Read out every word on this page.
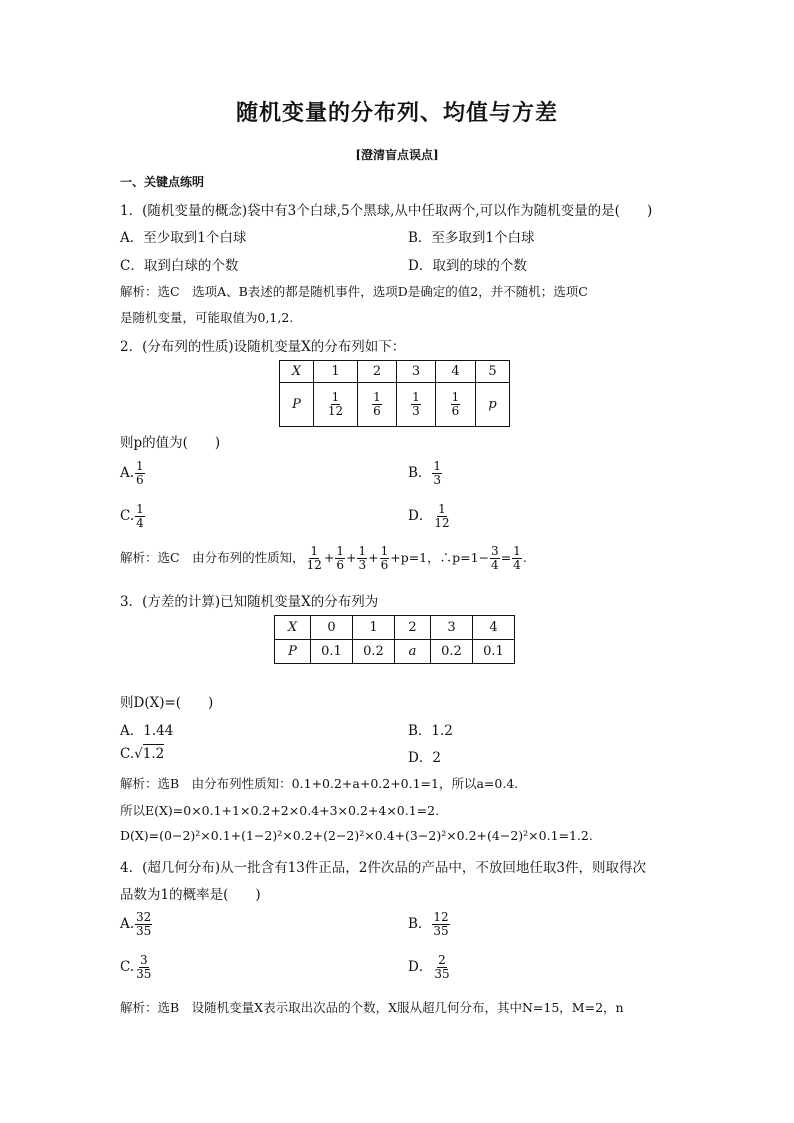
随机变量的分布列、均值与方差
[澄清盲点误点]
一、关键点练明
1．(随机变量的概念)袋中有3个白球,5个黑球,从中任取两个,可以作为随机变量的是(　　)
A．至少取到1个白球	B．至多取到1个白球
C．取到白球的个数	D．取到的球的个数
解析：选C　选项A、B表述的都是随机事件，选项D是确定的值2，并不随机；选项C
是随机变量，可能取值为0,1,2.
2．(分布列的性质)设随机变量X的分布列如下：
X	1	2	3	4	5
P	$\frac{1}{12}$	$\frac{1}{6}$	$\frac{1}{3}$	$\frac{1}{6}$	p
则p的值为(　　)
A. $\frac{1}{6}$	B． $\frac{1}{3}$
C. $\frac{1}{4}$	D． $\frac{1}{12}$
解析：选C　由分布列的性质知， $\frac{1}{12} + \frac{1}{6} + \frac{1}{3} + \frac{1}{6} +p=1$，∴p=1− $\frac{3}{4} = \frac{1}{4}$ .
3．(方差的计算)已知随机变量X的分布列为
X	0	1	2	3	4
P	0.1	0.2	a	0.2	0.1
则D(X)=(　　)
A．1.44	B．1.2
C.√1.2	D．2
解析：选B　由分布列性质知：0.1+0.2+a+0.2+0.1=1，所以a=0.4.
所以E(X)=0×0.1+1×0.2+2×0.4+3×0.2+4×0.1=2.
D(X)=(0−2)²×0.1+(1−2)²×0.2+(2−2)²×0.4+(3−2)²×0.2+(4−2)²×0.1=1.2.
4．(超几何分布)从一批含有13件正品，2件次品的产品中，不放回地任取3件，则取得次
品数为1的概率是(　　)
A. $\frac{32}{35}$	B． $\frac{12}{35}$
C. $\frac{3}{35}$	D． $\frac{2}{35}$
解析：选B　设随机变量X表示取出次品的个数，X服从超几何分布，其中N=15，M=2，n
